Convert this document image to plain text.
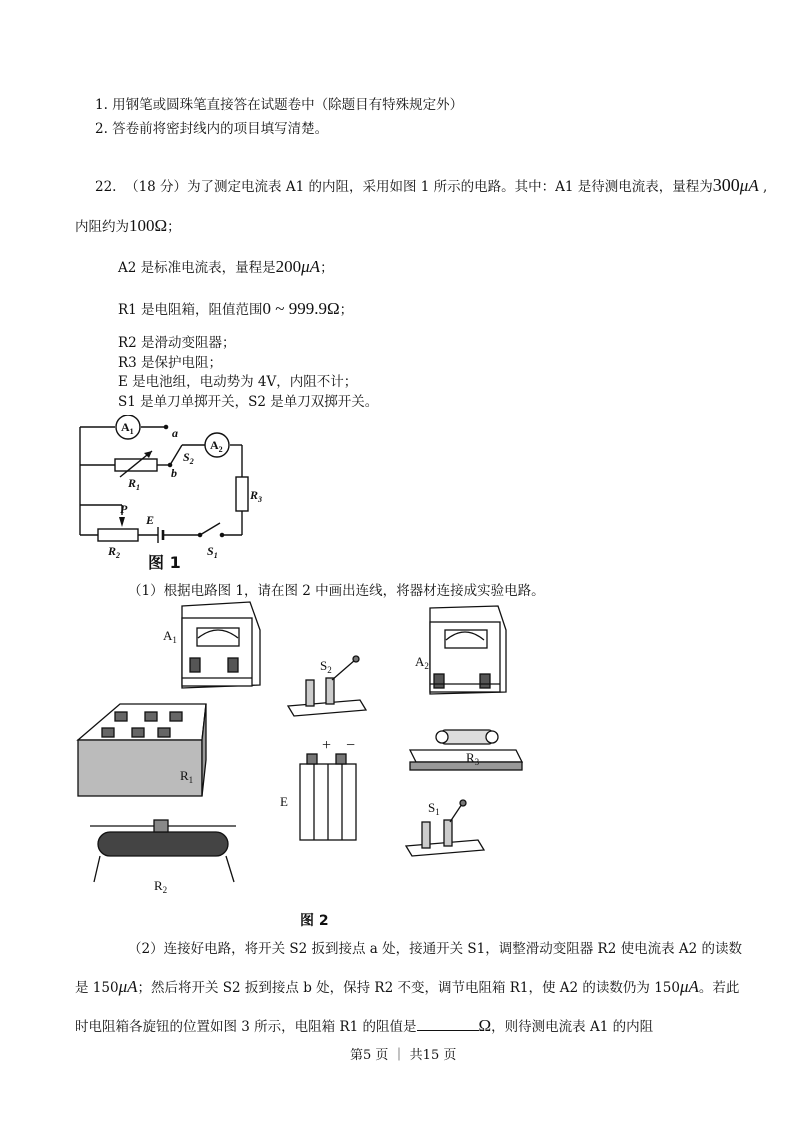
1. 用钢笔或圆珠笔直接答在试题卷中（除题目有特殊规定外）
2. 答卷前将密封线内的项目填写清楚。
22. （18 分）为了测定电流表 A1 的内阻，采用如图 1 所示的电路。其中：A1 是待测电流表，量程为300μA ,
内阻约为100Ω；
A2 是标准电流表，量程是200μA；
R1 是电阻箱，阻值范围0 ~ 999.9Ω；
R2 是滑动变阻器；
R3 是保护电阻；
E 是电池组，电动势为 4V，内阻不计；
S1 是单刀单掷开关，S2 是单刀双掷开关。
$A_1$
$A_2$
a
b
$S_2$
$R_1$
$R_3$
P
E
$R_2$	$S_1$
图 1
（1）根据电路图 1，请在图 2 中画出连线，将器材连接成实验电路。
$A_1$
$S_2$
$A_2$
$R_1$
+ −
$R_3$
E	$S_1$
$R_2$
图 2
（2）连接好电路，将开关 S2 扳到接点 a 处，接通开关 S1，调整滑动变阻器 R2 使电流表 A2 的读数
是 150μA；然后将开关 S2 扳到接点 b 处，保持 R2 不变，调节电阻箱 R1，使 A2 的读数仍为 150μA。若此
时电阻箱各旋钮的位置如图 3 所示，电阻箱 R1 的阻值是	Ω，则待测电流表 A1 的内阻
第5 页 ｜ 共15 页
